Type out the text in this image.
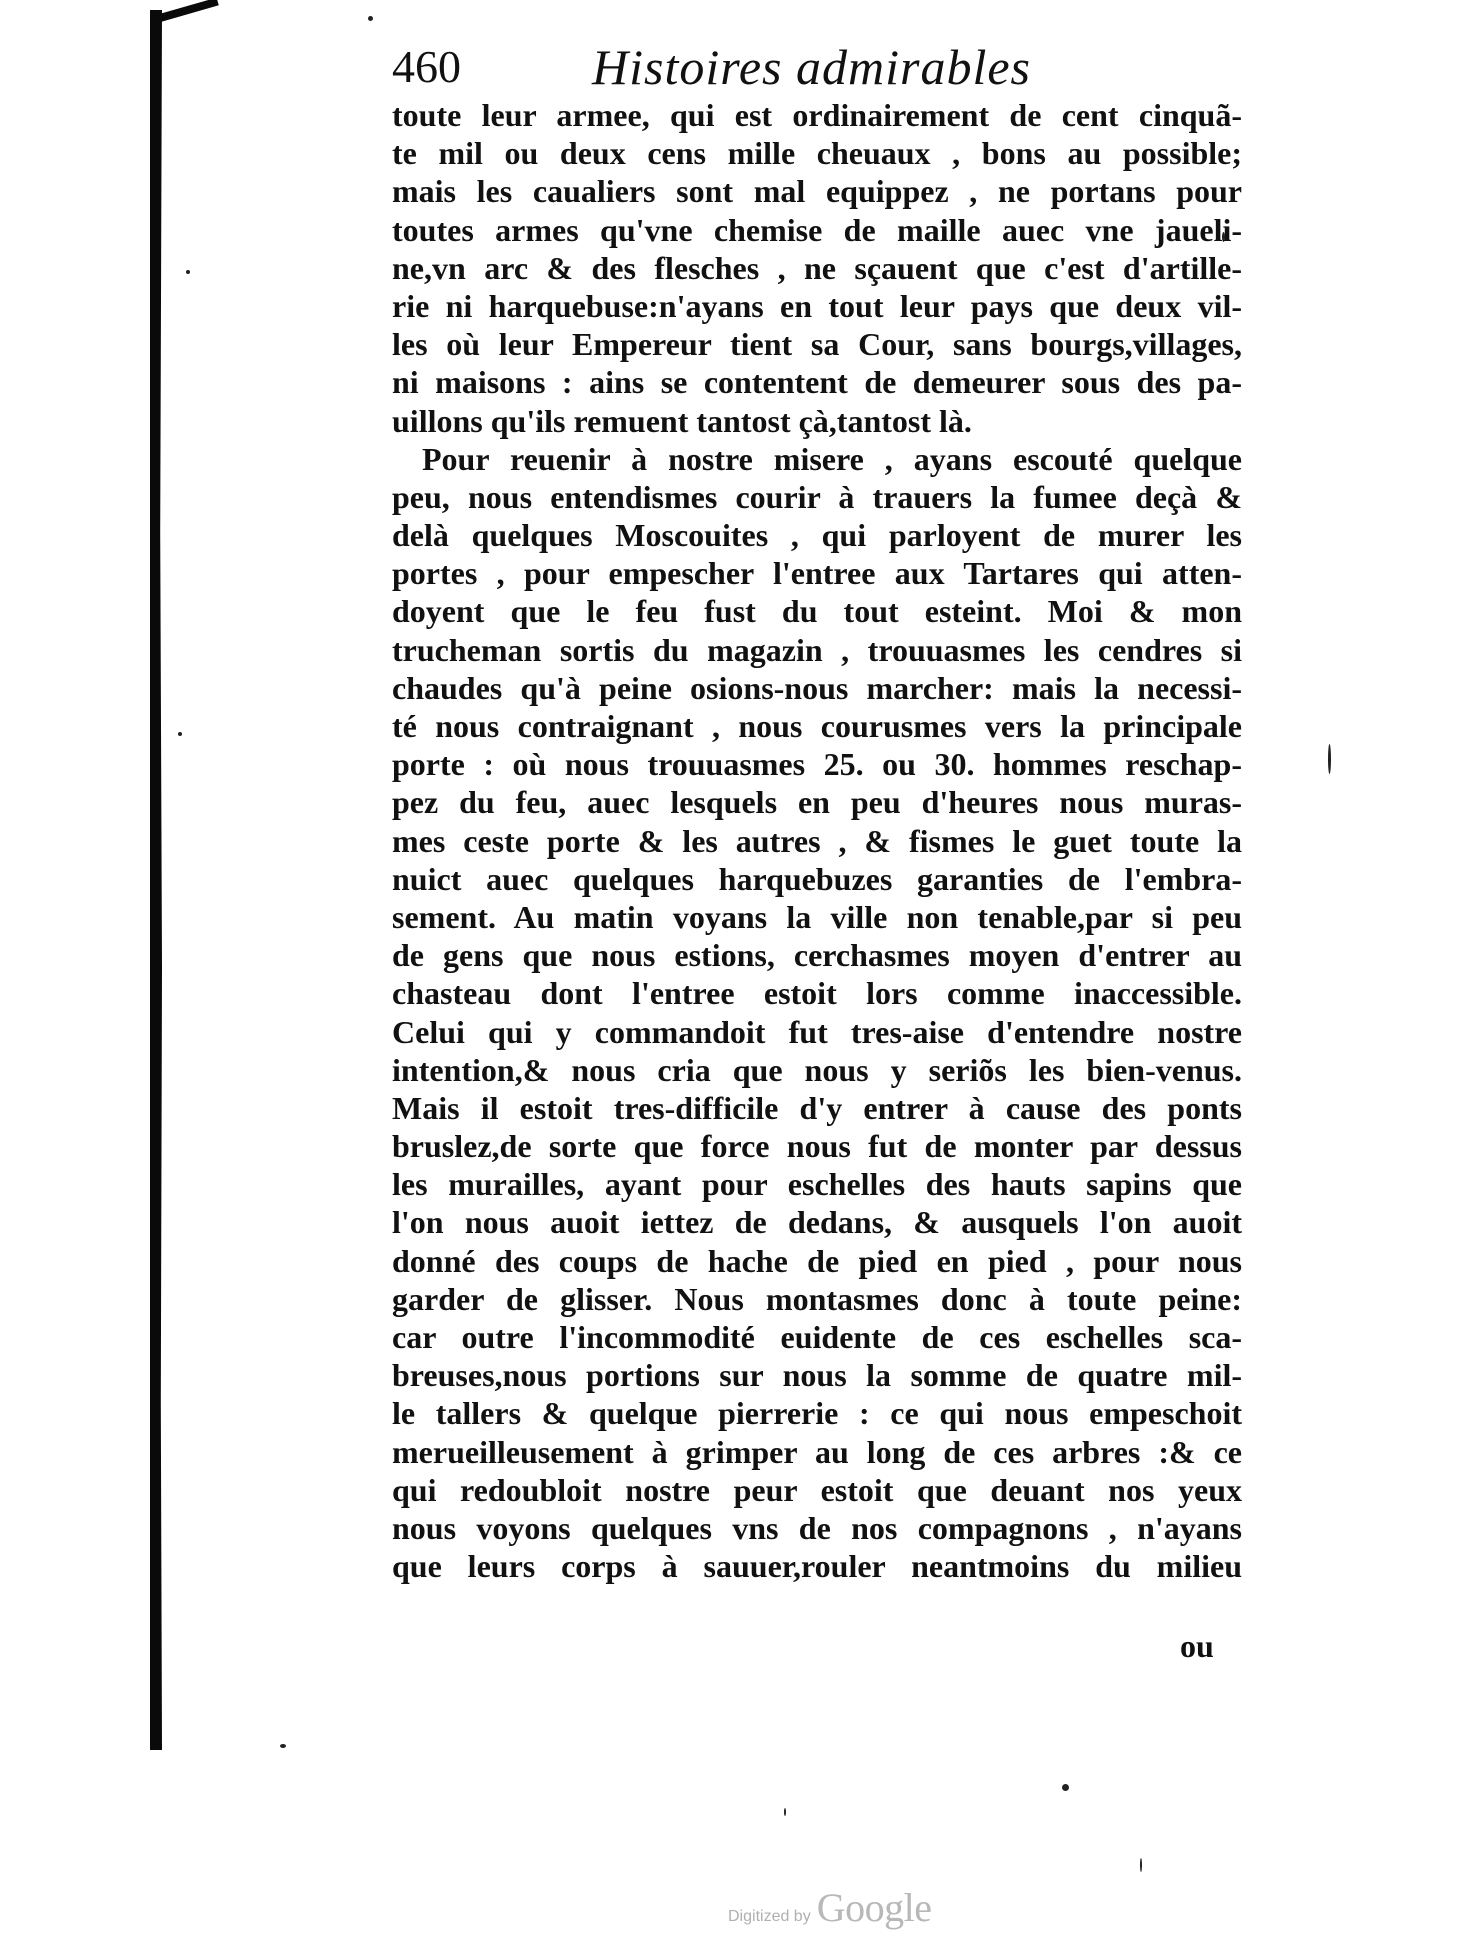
460	Histoires admirables
toute leur armee, qui est ordinairement de cent cinquã-
te mil ou deux cens mille cheuaux , bons au possible;
mais les caualiers sont mal equippez , ne portans pour
toutes armes qu'vne chemise de maille auec vne jaueli-
ne,vn arc & des flesches , ne sçauent que c'est d'artille-
rie ni harquebuse:n'ayans en tout leur pays que deux vil-
les où leur Empereur tient sa Cour, sans bourgs,villages,
ni maisons : ains se contentent de demeurer sous des pa-
uillons qu'ils remuent tantost çà,tantost là.
Pour reuenir à nostre misere , ayans escouté quelque
peu, nous entendismes courir à trauers la fumee deçà &
delà quelques Moscouites , qui parloyent de murer les
portes , pour empescher l'entree aux Tartares qui atten-
doyent que le feu fust du tout esteint. Moi & mon
trucheman sortis du magazin , trouuasmes les cendres si
chaudes qu'à peine osions-nous marcher: mais la necessi-
té nous contraignant , nous courusmes vers la principale
porte : où nous trouuasmes 25. ou 30. hommes reschap-
pez du feu, auec lesquels en peu d'heures nous muras-
mes ceste porte & les autres , & fismes le guet toute la
nuict auec quelques harquebuzes garanties de l'embra-
sement. Au matin voyans la ville non tenable,par si peu
de gens que nous estions, cerchasmes moyen d'entrer au
chasteau dont l'entree estoit lors comme inaccessible.
Celui qui y commandoit fut tres-aise d'entendre nostre
intention,& nous cria que nous y seriõs les bien-venus.
Mais il estoit tres-difficile d'y entrer à cause des ponts
bruslez,de sorte que force nous fut de monter par dessus
les murailles, ayant pour eschelles des hauts sapins que
l'on nous auoit iettez de dedans, & ausquels l'on auoit
donné des coups de hache de pied en pied , pour nous
garder de glisser. Nous montasmes donc à toute peine:
car outre l'incommodité euidente de ces eschelles sca-
breuses,nous portions sur nous la somme de quatre mil-
le tallers & quelque pierrerie : ce qui nous empeschoit
merueilleusement à grimper au long de ces arbres :& ce
qui redoubloit nostre peur estoit que deuant nos yeux
nous voyons quelques vns de nos compagnons , n'ayans
que leurs corps à sauuer,rouler neantmoins du milieu
ou
Digitized by Google
